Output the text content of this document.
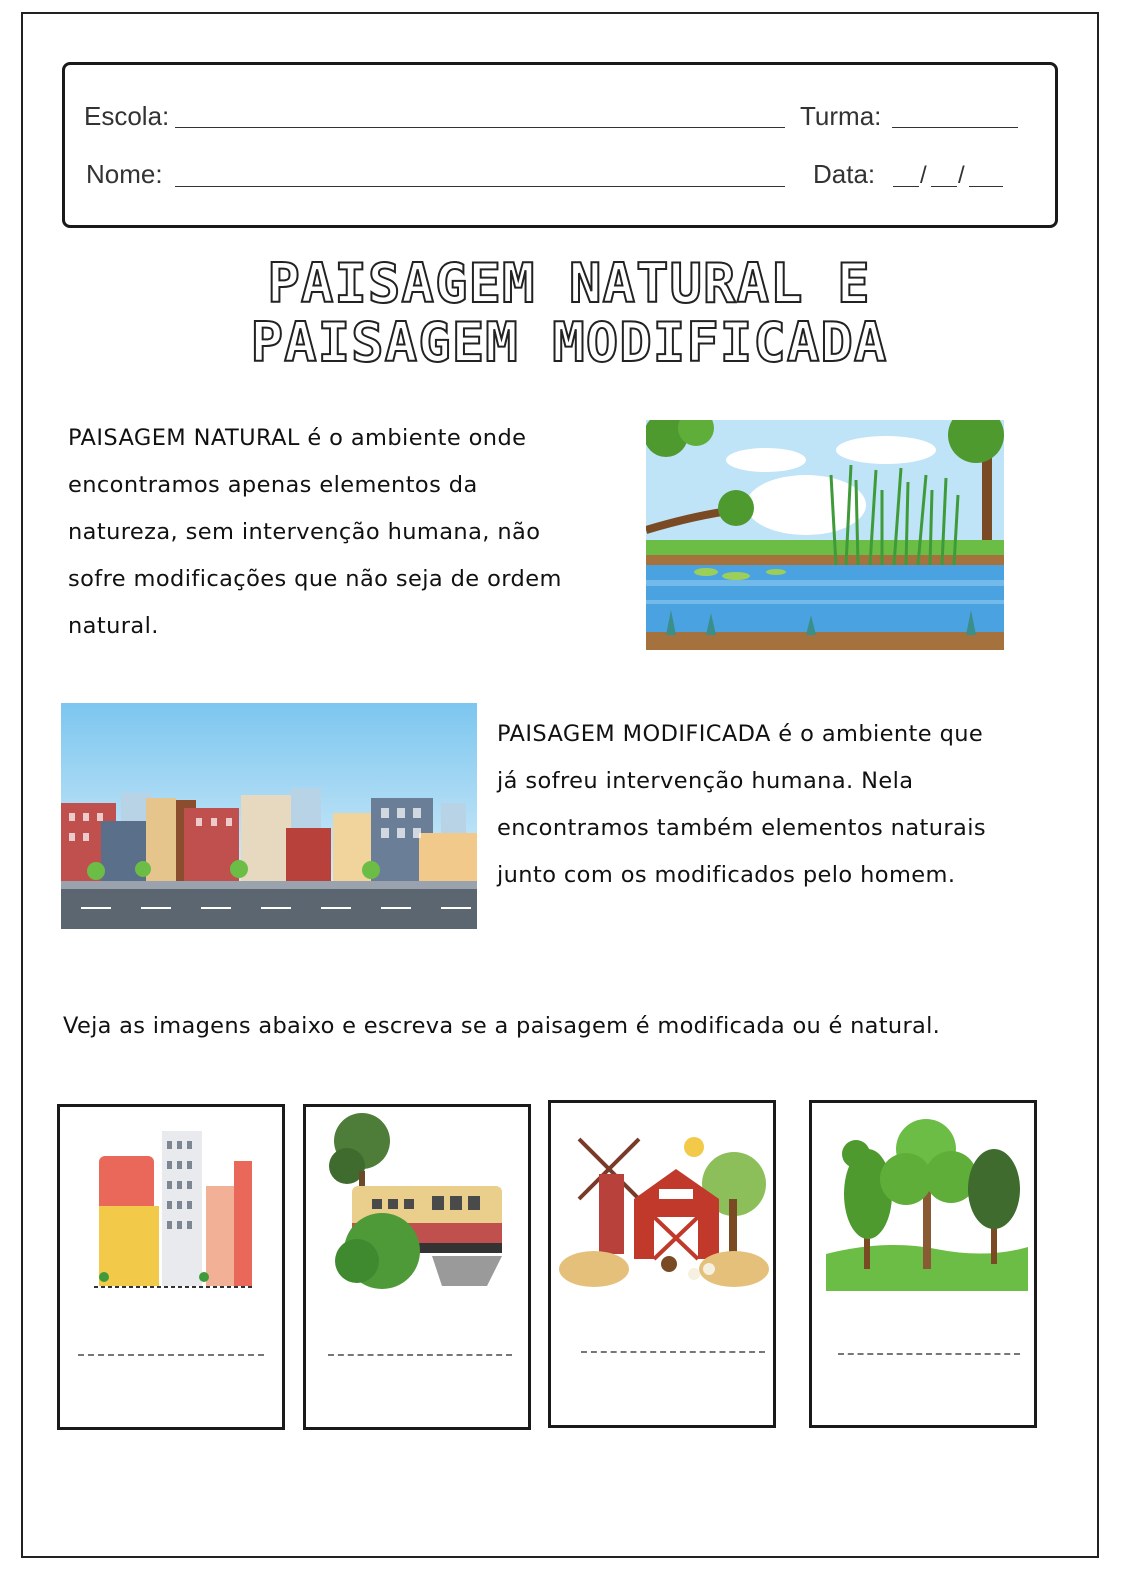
Escola:	Turma:
Nome:	Data: / /
PAISAGEM NATURAL E
PAISAGEM MODIFICADA
PAISAGEM NATURAL é o ambiente onde
encontramos apenas elementos da
natureza, sem intervenção humana, não
sofre modificações que não seja de ordem
natural.
PAISAGEM MODIFICADA é o ambiente que
já sofreu intervenção humana. Nela
encontramos também elementos naturais
junto com os modificados pelo homem.
Veja as imagens abaixo e escreva se a paisagem é modificada ou é natural.
